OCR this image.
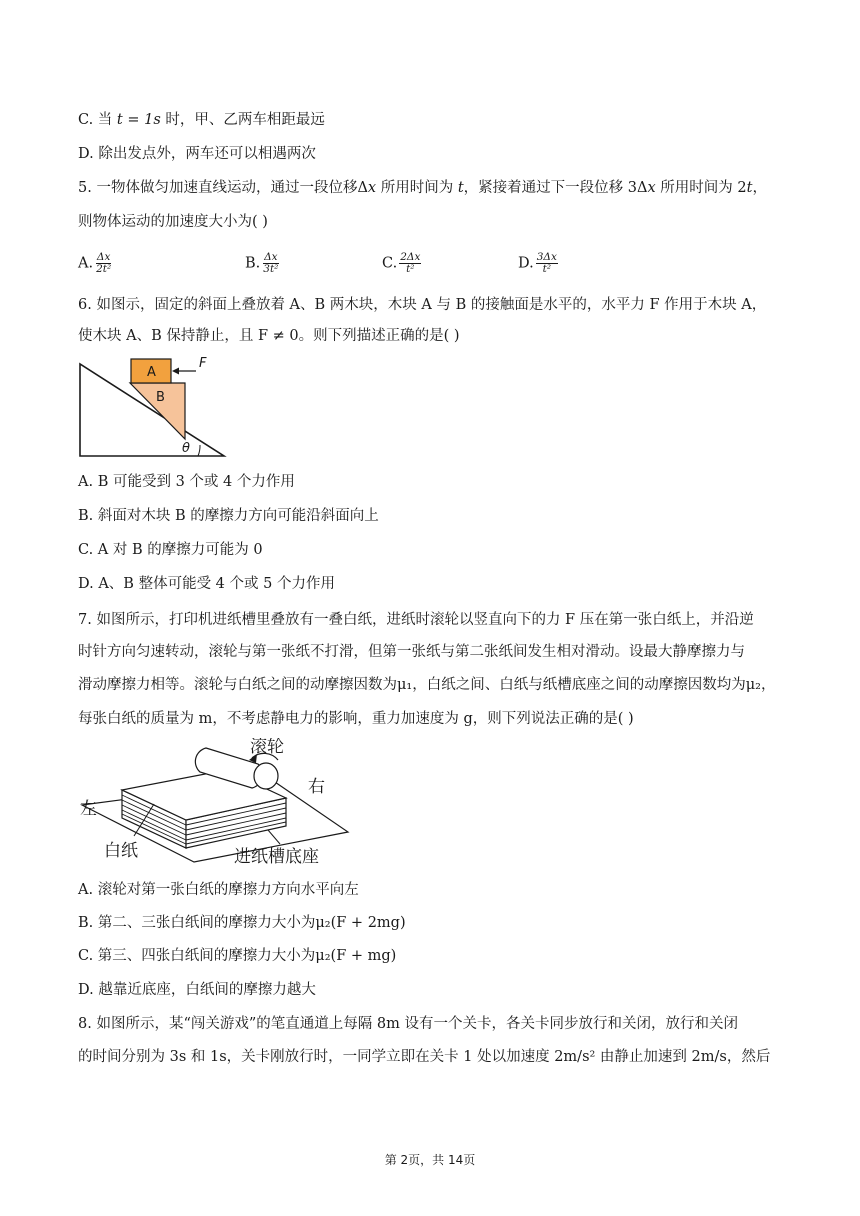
C. 当 t = 1s 时，甲、乙两车相距最远
D. 除出发点外，两车还可以相遇两次
5. 一物体做匀加速直线运动，通过一段位移Δx 所用时间为 t，紧接着通过下一段位移 3Δx 所用时间为 2t，
则物体运动的加速度大小为( )
A. $\frac{\Delta x}{\text{2t²}}$	B. $\frac{\Delta x}{\text{3t²}}$	C. $\frac{2\Delta x}{\text{t²}}$	D. $\frac{3\Delta x}{\text{t²}}$
6. 如图示，固定的斜面上叠放着 A、B 两木块，木块 A 与 B 的接触面是水平的，水平力 F 作用于木块 A，
使木块 A、B 保持静止，且 F ≠ 0。则下列描述正确的是( )
A
B
F
θ
A. B 可能受到 3 个或 4 个力作用
B. 斜面对木块 B 的摩擦力方向可能沿斜面向上
C. A 对 B 的摩擦力可能为 0
D. A、B 整体可能受 4 个或 5 个力作用
7. 如图所示，打印机进纸槽里叠放有一叠白纸，进纸时滚轮以竖直向下的力 F 压在第一张白纸上，并沿逆
时针方向匀速转动，滚轮与第一张纸不打滑，但第一张纸与第二张纸间发生相对滑动。设最大静摩擦力与
滑动摩擦力相等。滚轮与白纸之间的动摩擦因数为μ₁，白纸之间、白纸与纸槽底座之间的动摩擦因数均为μ₂，
每张白纸的质量为 m，不考虑静电力的影响，重力加速度为 g，则下列说法正确的是( )
滚轮
右
左
白纸	进纸槽底座
A. 滚轮对第一张白纸的摩擦力方向水平向左
B. 第二、三张白纸间的摩擦力大小为μ₂(F + 2mg)
C. 第三、四张白纸间的摩擦力大小为μ₂(F + mg)
D. 越靠近底座，白纸间的摩擦力越大
8. 如图所示，某“闯关游戏”的笔直通道上每隔 8m 设有一个关卡，各关卡同步放行和关闭，放行和关闭
的时间分别为 3s 和 1s，关卡刚放行时，一同学立即在关卡 1 处以加速度 2m/s² 由静止加速到 2m/s，然后
第 2页，共 14页
